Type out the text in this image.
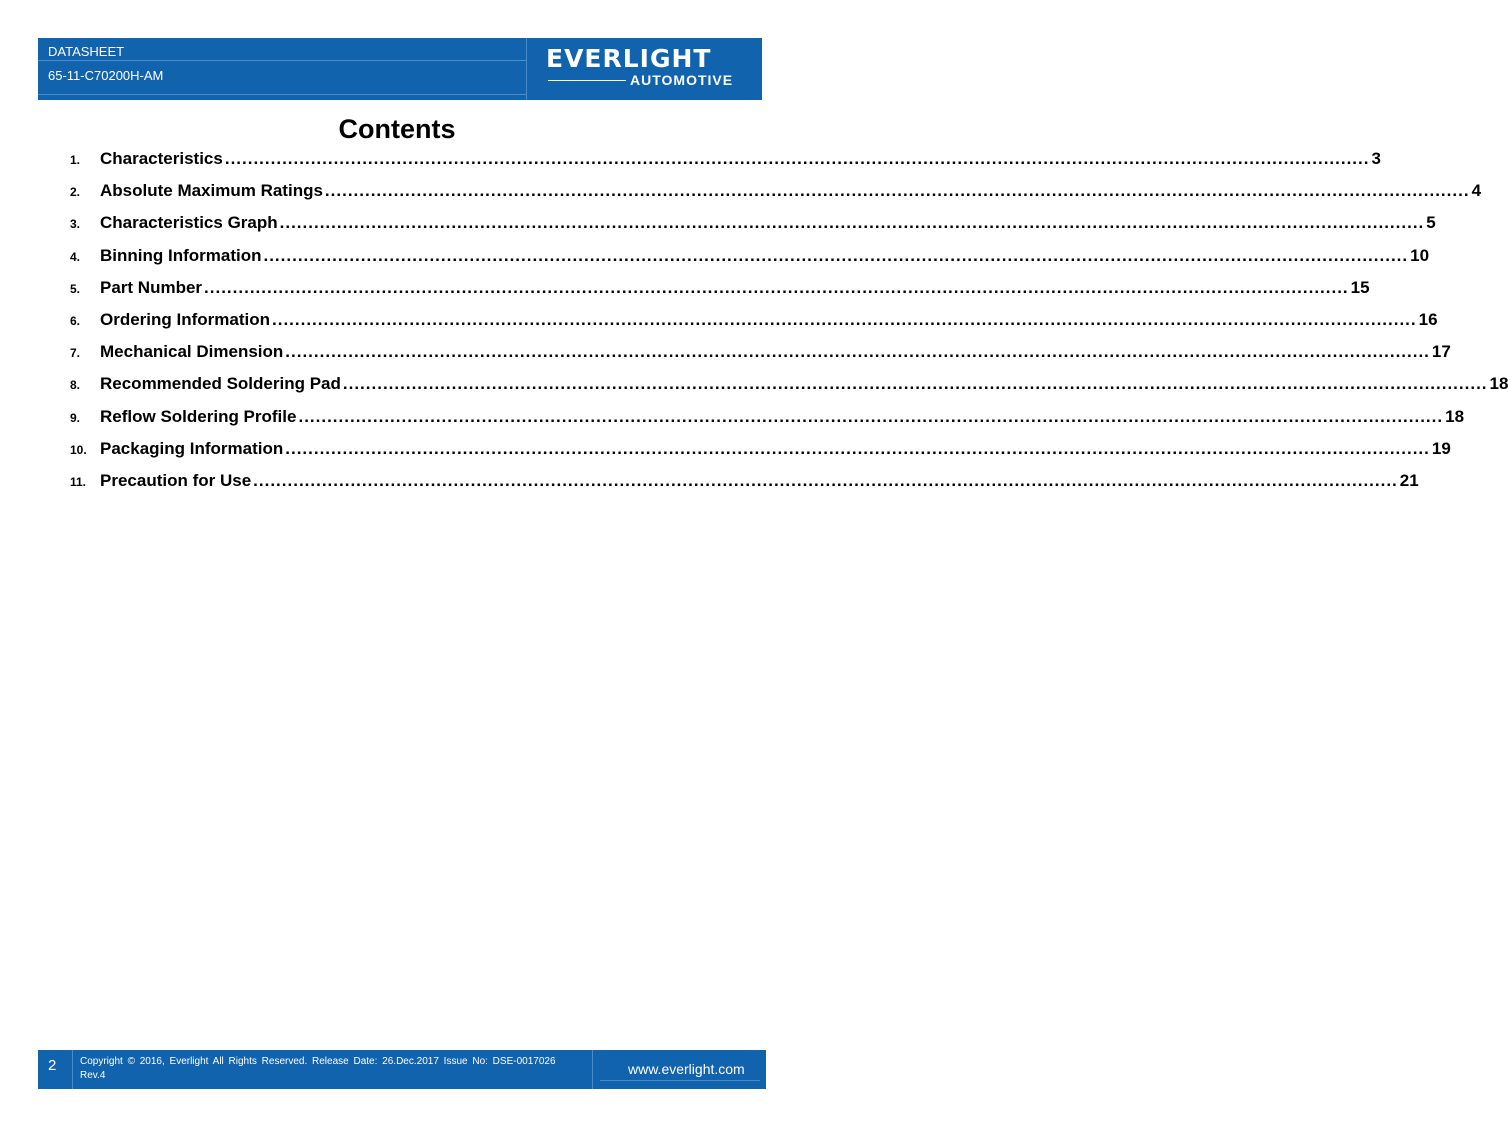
DATASHEET
65-11-C70200H-AM
EVERLIGHT
AUTOMOTIVE
Contents
1.	Characteristics ........................................................................................................................................................................................................ 3
2.	Absolute Maximum Ratings ........................................................................................................................................................................................................ 4
3.	Characteristics Graph ........................................................................................................................................................................................................ 5
4.	Binning Information ........................................................................................................................................................................................................ 10
5.	Part Number ........................................................................................................................................................................................................ 15
6.	Ordering Information ........................................................................................................................................................................................................ 16
7.	Mechanical Dimension ........................................................................................................................................................................................................ 17
8.	Recommended Soldering Pad ........................................................................................................................................................................................................ 18
9.	Reflow Soldering Profile ........................................................................................................................................................................................................ 18
10. Packaging Information ........................................................................................................................................................................................................ 19
11. Precaution for Use ........................................................................................................................................................................................................ 21
2 Copyright © 2016, Everlight All Rights Reserved. Release Date: 26.Dec.2017 Issue No: DSE-0017026
Rev.4	www.everlight.com
